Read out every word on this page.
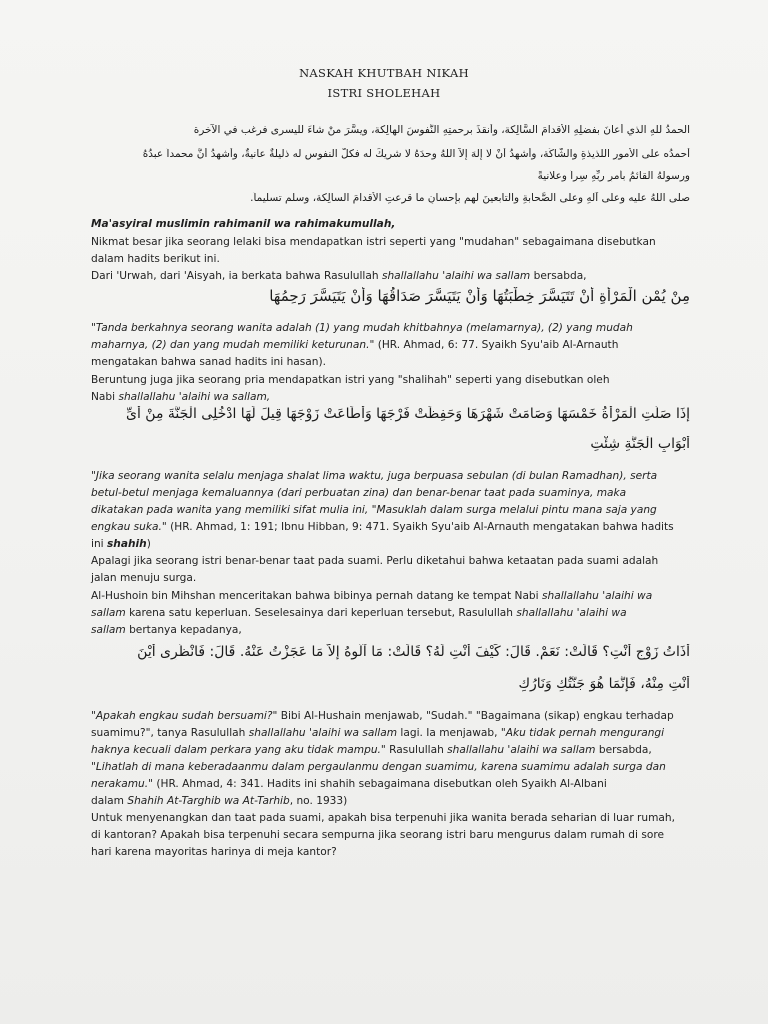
NASKAH KHUTBAH NIKAH
ISTRI SHOLEHAH
الحمدُ للهِ الَّذي أعانَ بفضلِهِ الأقدامَ السَّالِكة، وأنقذَ برحمتِهِ النُّفوسَ الهالِكة، ويسَّرَ منْ شاءَ لليسرى فرغب في الآخرة
أحمدُه على الأمورِ اللَّذيذةِ والشَّاكّة، وأشهدُ أنْ لا إلهَ إلاَّ اللهُ وحدَهُ لا شريكَ له فكلُّ النفوسِ له ذليلةٌ عانيةٌ، وأشهدُ أنَّ محمداً عبدُهُ
ورسولُهُ القائمُ بأمرِ ربِّهِ سِراً وعلانيةً
صلَّى اللهُ عليه وعلى آلهِ وعلى الصَّحابةِ والتابعينَ لهم بإحسانٍ ما قرعتِ الأقدامَ السالِكة، وسلَّم تسليماً.
Ma'asyiral muslimin rahimanil wa rahimakumullah,
Nikmat besar jika seorang lelaki bisa mendapatkan istri seperti yang "mudahan" sebagaimana disebutkan
dalam hadits berikut ini.
Dari 'Urwah, dari 'Aisyah, ia berkata bahwa Rasulullah shallallahu 'alaihi wa sallam bersabda,
مِنْ يُمْنِ الْمَرْأَةِ أَنْ تَتَيَسَّرَ خِطْبَتُهَا وَأَنْ يَتَيَسَّرَ صَدَاقُهَا وَأَنْ يَتَيَسَّرَ رَحِمُهَا
"Tanda berkahnya seorang wanita adalah (1) yang mudah khitbahnya (melamarnya), (2) yang mudah
maharnya, (2) dan yang mudah memiliki keturunan." (HR. Ahmad, 6: 77. Syaikh Syu'aib Al-Arnauth
mengatakan bahwa sanad hadits ini hasan).
Beruntung juga jika seorang pria mendapatkan istri yang "shalihah" seperti yang disebutkan oleh
Nabi shallallahu 'alaihi wa sallam,
إِذَا صَلَّتِ الْمَرْأَةُ خَمْسَهَا وَصَامَتْ شَهْرَهَا وَحَفِظَتْ فَرْجَهَا وَأَطَاعَتْ زَوْجَهَا قِيلَ لَهَا ادْخُلِى الْجَنَّةَ مِنْ أَىِّ
أَبْوَابِ الْجَنَّةِ شِئْتِ
"Jika seorang wanita selalu menjaga shalat lima waktu, juga berpuasa sebulan (di bulan Ramadhan), serta
betul-betul menjaga kemaluannya (dari perbuatan zina) dan benar-benar taat pada suaminya, maka
dikatakan pada wanita yang memiliki sifat mulia ini, "Masuklah dalam surga melalui pintu mana saja yang
engkau suka." (HR. Ahmad, 1: 191; Ibnu Hibban, 9: 471. Syaikh Syu'aib Al-Arnauth mengatakan bahwa hadits
ini shahih)
Apalagi jika seorang istri benar-benar taat pada suami. Perlu diketahui bahwa ketaatan pada suami adalah
jalan menuju surga.
Al-Hushoin bin Mihshan menceritakan bahwa bibinya pernah datang ke tempat Nabi shallallahu 'alaihi wa
sallam karena satu keperluan. Seselesainya dari keperluan tersebut, Rasulullah shallallahu 'alaihi wa
sallam bertanya kepadanya,
أَذَاتُ زَوْجٍ أَنْتِ؟ قَالَتْ: نَعَمْ. قَالَ: كَيْفَ أَنْتِ لَهُ؟ قَالَتْ: مَا آلُوهُ إِلاَّ مَا عَجَزْتُ عَنْهُ. قَالَ: فَانْظُرِى أَيْنَ
أَنْتِ مِنْهُ، فَإِنَّمَا هُوَ جَنَّتُكِ وَنَارُكِ
"Apakah engkau sudah bersuami?" Bibi Al-Hushain menjawab, "Sudah." "Bagaimana (sikap) engkau terhadap
suamimu?", tanya Rasulullah shallallahu 'alaihi wa sallam lagi. Ia menjawab, "Aku tidak pernah mengurangi
haknya kecuali dalam perkara yang aku tidak mampu." Rasulullah shallallahu 'alaihi wa sallam bersabda,
"Lihatlah di mana keberadaanmu dalam pergaulanmu dengan suamimu, karena suamimu adalah surga dan
nerakamu." (HR. Ahmad, 4: 341. Hadits ini shahih sebagaimana disebutkan oleh Syaikh Al-Albani
dalam Shahih At-Targhib wa At-Tarhib, no. 1933)
Untuk menyenangkan dan taat pada suami, apakah bisa terpenuhi jika wanita berada seharian di luar rumah,
di kantoran? Apakah bisa terpenuhi secara sempurna jika seorang istri baru mengurus dalam rumah di sore
hari karena mayoritas harinya di meja kantor?
